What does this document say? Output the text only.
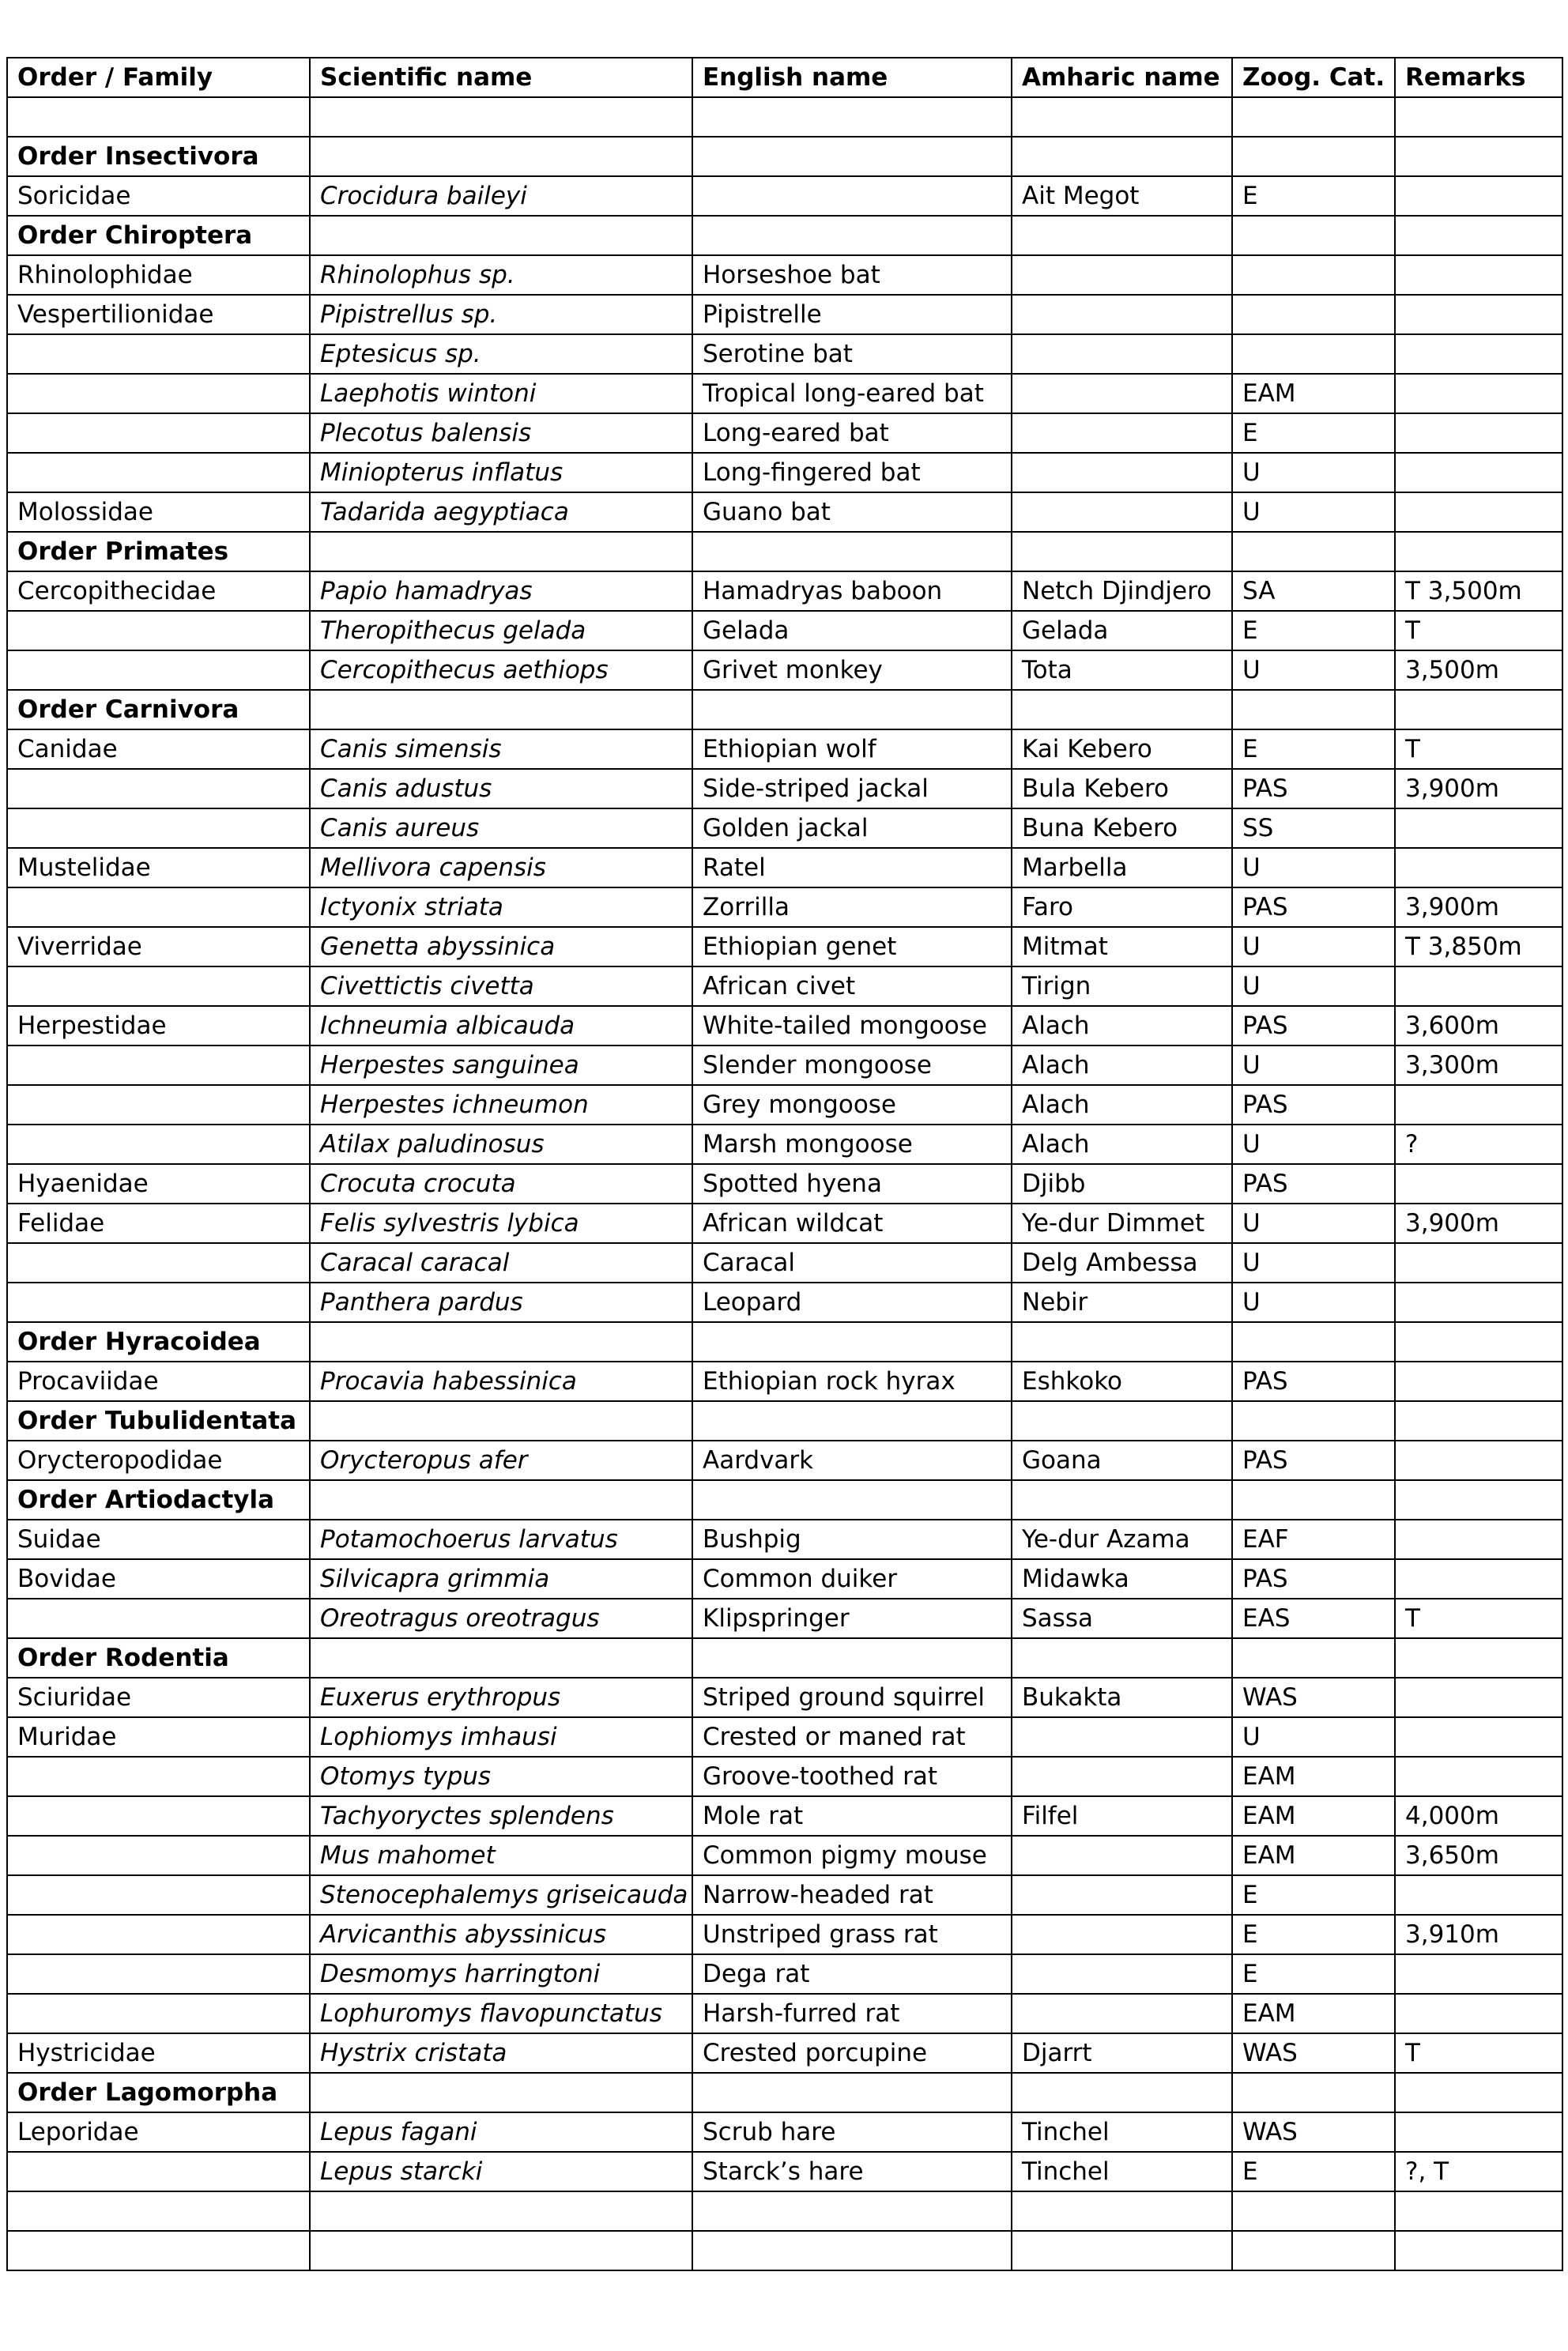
Order / Family	Scientific name	English name	Amharic name	Zoog. Cat.	Remarks

Order Insectivora					
Soricidae	Crocidura baileyi		Ait Megot	E	
Order Chiroptera					
Rhinolophidae	Rhinolophus sp.	Horseshoe bat			
Vespertilionidae	Pipistrellus sp.	Pipistrelle			
	Eptesicus sp.	Serotine bat			
	Laephotis wintoni	Tropical long-eared bat		EAM	
	Plecotus balensis	Long-eared bat		E	
	Miniopterus inflatus	Long-fingered bat		U	
Molossidae	Tadarida aegyptiaca	Guano bat		U	
Order Primates					
Cercopithecidae	Papio hamadryas	Hamadryas baboon	Netch Djindjero	SA	T 3,500m
	Theropithecus gelada	Gelada	Gelada	E	T
	Cercopithecus aethiops	Grivet monkey	Tota	U	3,500m
Order Carnivora					
Canidae	Canis simensis	Ethiopian wolf	Kai Kebero	E	T
	Canis adustus	Side-striped jackal	Bula Kebero	PAS	3,900m
	Canis aureus	Golden jackal	Buna Kebero	SS	
Mustelidae	Mellivora capensis	Ratel	Marbella	U	
	Ictyonix striata	Zorrilla	Faro	PAS	3,900m
Viverridae	Genetta abyssinica	Ethiopian genet	Mitmat	U	T 3,850m
	Civettictis civetta	African civet	Tirign	U	
Herpestidae	Ichneumia albicauda	White-tailed mongoose	Alach	PAS	3,600m
	Herpestes sanguinea	Slender mongoose	Alach	U	3,300m
	Herpestes ichneumon	Grey mongoose	Alach	PAS	
	Atilax paludinosus	Marsh mongoose	Alach	U	?
Hyaenidae	Crocuta crocuta	Spotted hyena	Djibb	PAS	
Felidae	Felis sylvestris lybica	African wildcat	Ye-dur Dimmet	U	3,900m
	Caracal caracal	Caracal	Delg Ambessa	U	
	Panthera pardus	Leopard	Nebir	U	
Order Hyracoidea					
Procaviidae	Procavia habessinica	Ethiopian rock hyrax	Eshkoko	PAS	
Order Tubulidentata					
Orycteropodidae	Orycteropus afer	Aardvark	Goana	PAS	
Order Artiodactyla					
Suidae	Potamochoerus larvatus	Bushpig	Ye-dur Azama	EAF	
Bovidae	Silvicapra grimmia	Common duiker	Midawka	PAS	
	Oreotragus oreotragus	Klipspringer	Sassa	EAS	T
Order Rodentia					
Sciuridae	Euxerus erythropus	Striped ground squirrel	Bukakta	WAS	
Muridae	Lophiomys imhausi	Crested or maned rat		U	
	Otomys typus	Groove-toothed rat		EAM	
	Tachyoryctes splendens	Mole rat	Filfel	EAM	4,000m
	Mus mahomet	Common pigmy mouse		EAM	3,650m
	Stenocephalemys griseicauda	Narrow-headed rat		E	
	Arvicanthis abyssinicus	Unstriped grass rat		E	3,910m
	Desmomys harringtoni	Dega rat		E	
	Lophuromys flavopunctatus	Harsh-furred rat		EAM	
Hystricidae	Hystrix cristata	Crested porcupine	Djarrt	WAS	T
Order Lagomorpha					
Leporidae	Lepus fagani	Scrub hare	Tinchel	WAS	
	Lepus starcki	Starck’s hare	Tinchel	E	?, T
